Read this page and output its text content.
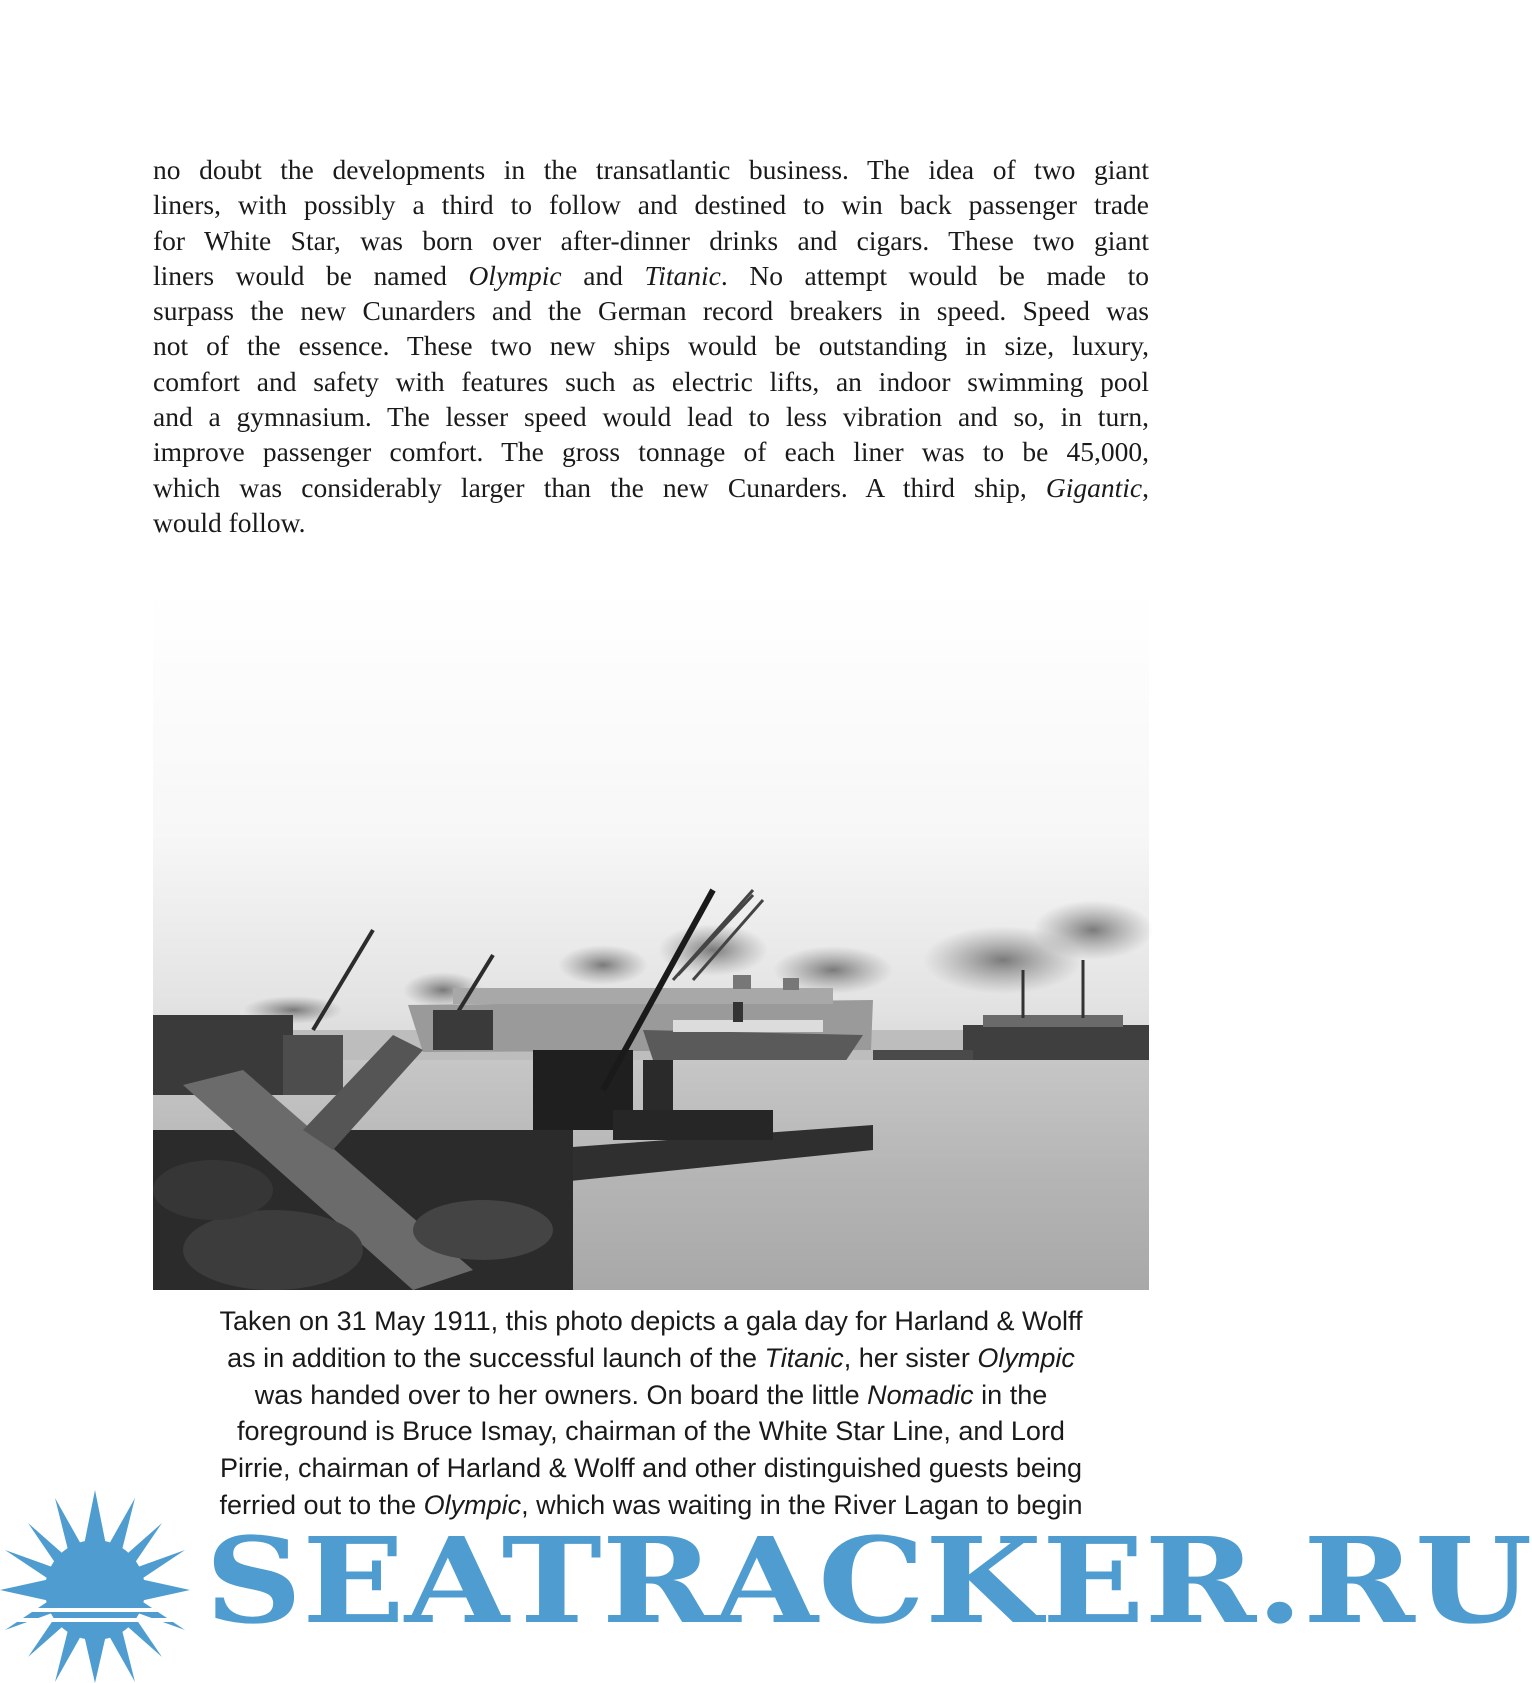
no doubt the developments in the transatlantic business. The idea of two giant
liners, with possibly a third to follow and destined to win back passenger trade
for White Star, was born over after-dinner drinks and cigars. These two giant
liners would be named Olympic and Titanic. No attempt would be made to
surpass the new Cunarders and the German record breakers in speed. Speed was
not of the essence. These two new ships would be outstanding in size, luxury,
comfort and safety with features such as electric lifts, an indoor swimming pool
and a gymnasium. The lesser speed would lead to less vibration and so, in turn,
improve passenger comfort. The gross tonnage of each liner was to be 45,000,
which was considerably larger than the new Cunarders. A third ship, Gigantic,
would follow.
Taken on 31 May 1911, this photo depicts a gala day for Harland & Wolff
as in addition to the successful launch of the Titanic, her sister Olympic
was handed over to her owners. On board the little Nomadic in the
foreground is Bruce Ismay, chairman of the White Star Line, and Lord
Pirrie, chairman of Harland & Wolff and other distinguished guests being
ferried out to the Olympic, which was waiting in the River Lagan to begin
SEATRACKER.RU
